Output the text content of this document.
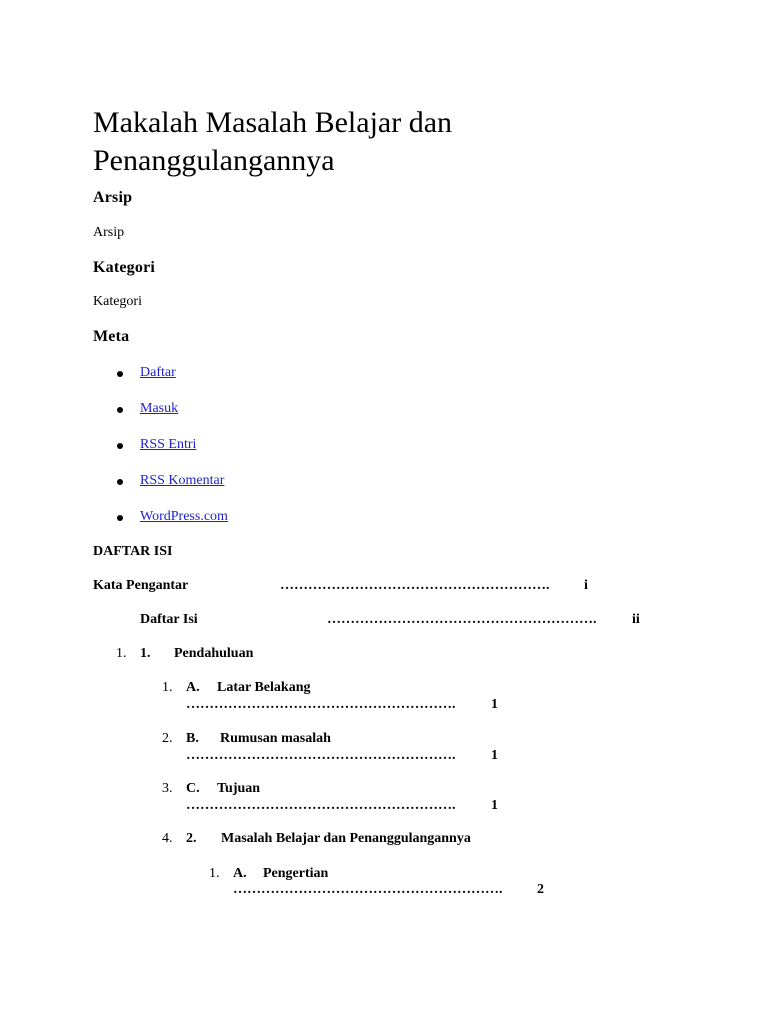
Makalah Masalah Belajar dan
Penanggulangannya
Arsip
Arsip
Kategori
Kategori
Meta
Daftar
Masuk
RSS Entri
RSS Komentar
WordPress.com
DAFTAR ISI
Kata Pengantar	…………………………………………………. i
Daftar Isi	………………………………………………….	ii
1. 1. Pendahuluan
1. A. Latar Belakang
………………………………………………….	1
2. B. Rumusan masalah
………………………………………………….	1
3. C. Tujuan
………………………………………………….	1
4. 2. Masalah Belajar dan Penanggulangannya
1. A. Pengertian
…………………………………………………. 2
